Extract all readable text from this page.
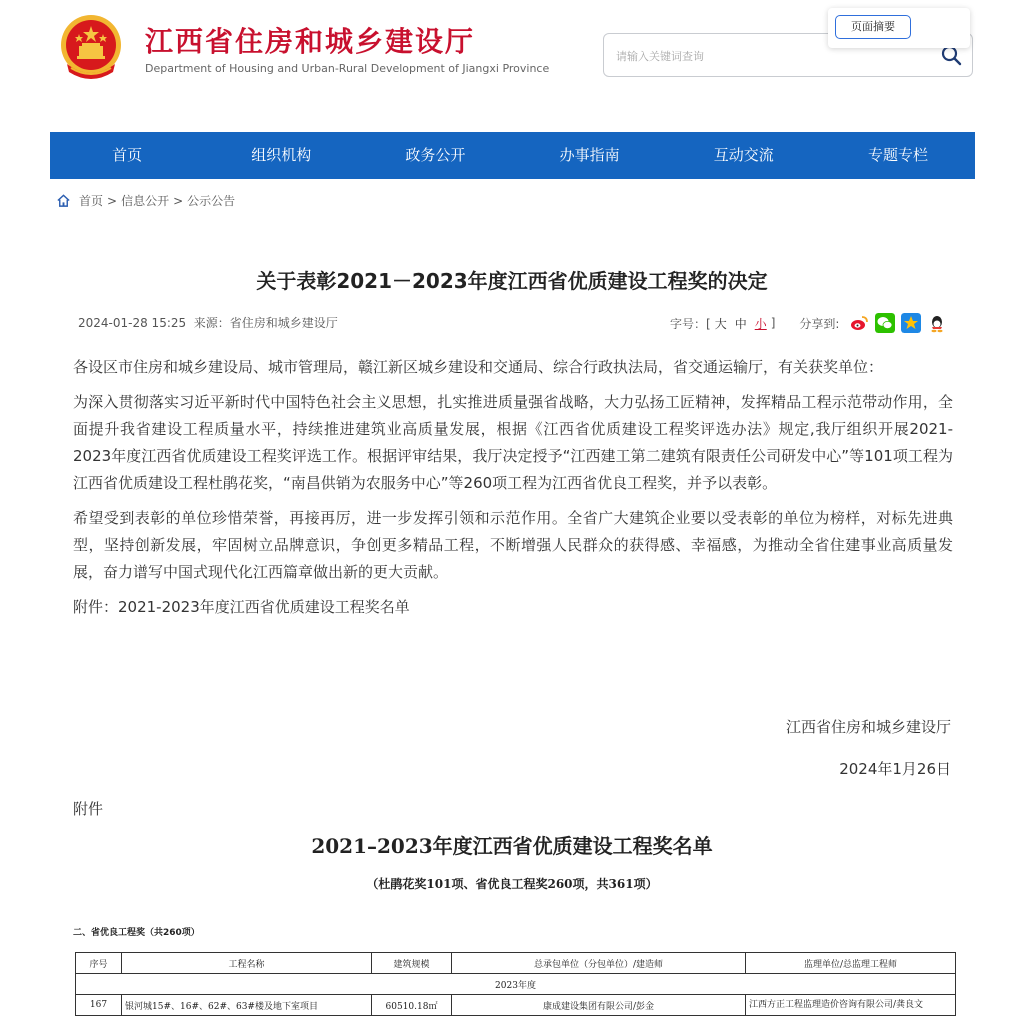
江西省住房和城乡建设厅
Department of Housing and Urban-Rural Development of Jiangxi Province
请输入关键词查询
页面摘要
首页	组织机构	政务公开	办事指南	互动交流	专题专栏
首页 > 信息公开 > 公示公告
关于表彰2021－2023年度江西省优质建设工程奖的决定
2024-01-28 15:25 来源：省住房和城乡建设厅	字号：[ 大 中 小 ] 分享到:

各设区市住房和城乡建设局、城市管理局，赣江新区城乡建设和交通局、综合行政执法局，省交通运输厅，有关获奖单位：

为深入贯彻落实习近平新时代中国特色社会主义思想，扎实推进质量强省战略，大力弘扬工匠精神，发挥精品工程示范带动作用，全面提升我省建设工程质量水平，持续推进建筑业高质量发展，根据《江西省优质建设工程奖评选办法》规定,我厅组织开展2021-2023年度江西省优质建设工程奖评选工作。根据评审结果，我厅决定授予“江西建工第二建筑有限责任公司研发中心”等101项工程为江西省优质建设工程杜鹃花奖，“南昌供销为农服务中心”等260项工程为江西省优良工程奖，并予以表彰。

希望受到表彰的单位珍惜荣誉，再接再厉，进一步发挥引领和示范作用。全省广大建筑企业要以受表彰的单位为榜样，对标先进典型，坚持创新发展，牢固树立品牌意识，争创更多精品工程，不断增强人民群众的获得感、幸福感，为推动全省住建事业高质量发展，奋力谱写中国式现代化江西篇章做出新的更大贡献。

附件：2021-2023年度江西省优质建设工程奖名单

江西省住房和城乡建设厅
2024年1月26日
附件
2021–2023年度江西省优质建设工程奖名单
（杜鹃花奖101项、省优良工程奖260项，共361项）
二、省优良工程奖（共260项）
序号	工程名称	建筑规模	总承包单位（分包单位）/建造师	监理单位/总监理工程师
2023年度				
167	银河城15#、16#、62#、63#楼及地下室项目	60510.18㎡	康成建设集团有限公司/彭金	江西方正工程监理造价咨询有限公司/龚良文
